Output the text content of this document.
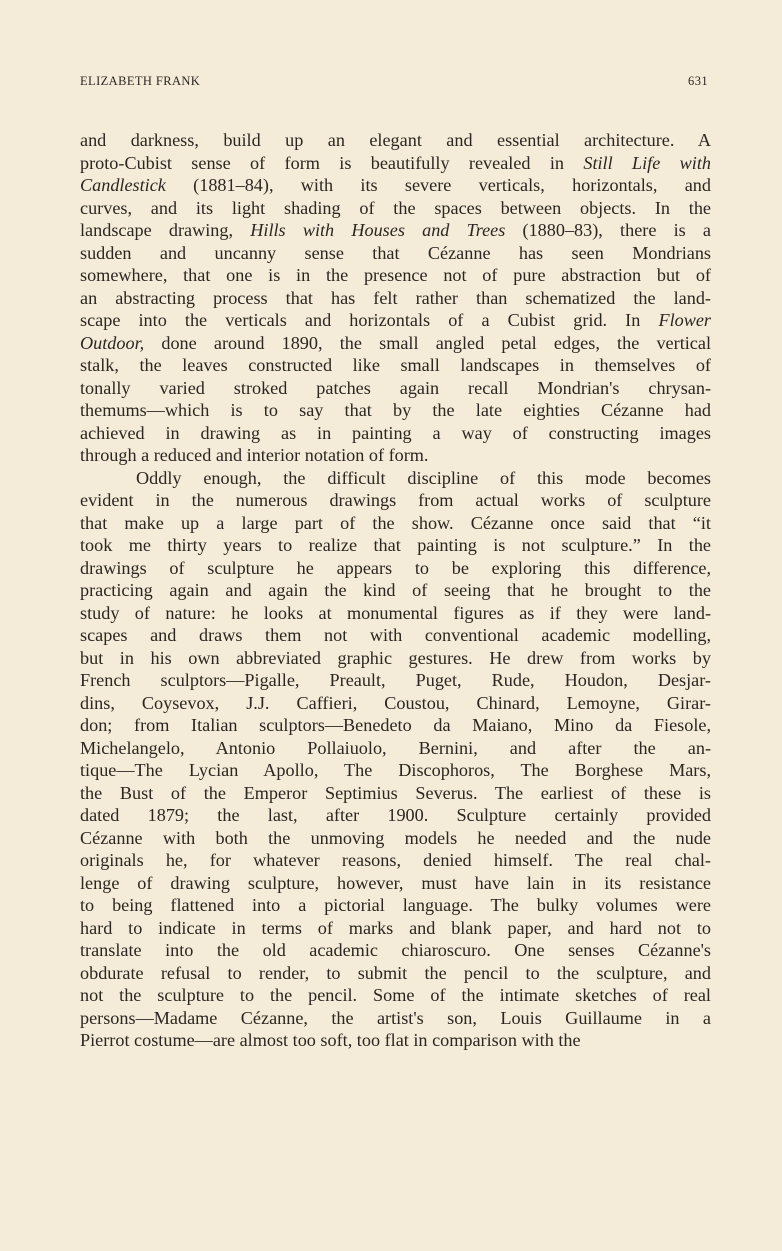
ELIZABETH FRANK	631
and darkness, build up an elegant and essential architecture. A
proto-Cubist sense of form is beautifully revealed in Still Life with
Candlestick (1881–84), with its severe verticals, horizontals, and
curves, and its light shading of the spaces between objects. In the
landscape drawing, Hills with Houses and Trees (1880–83), there is a
sudden and uncanny sense that Cézanne has seen Mondrians
somewhere, that one is in the presence not of pure abstraction but of
an abstracting process that has felt rather than schematized the land-
scape into the verticals and horizontals of a Cubist grid. In Flower
Outdoor, done around 1890, the small angled petal edges, the vertical
stalk, the leaves constructed like small landscapes in themselves of
tonally varied stroked patches again recall Mondrian's chrysan-
themums—which is to say that by the late eighties Cézanne had
achieved in drawing as in painting a way of constructing images
through a reduced and interior notation of form.
Oddly enough, the difficult discipline of this mode becomes
evident in the numerous drawings from actual works of sculpture
that make up a large part of the show. Cézanne once said that “it
took me thirty years to realize that painting is not sculpture.” In the
drawings of sculpture he appears to be exploring this difference,
practicing again and again the kind of seeing that he brought to the
study of nature: he looks at monumental figures as if they were land-
scapes and draws them not with conventional academic modelling,
but in his own abbreviated graphic gestures. He drew from works by
French sculptors—Pigalle, Preault, Puget, Rude, Houdon, Desjar-
dins, Coysevox, J.J. Caffieri, Coustou, Chinard, Lemoyne, Girar-
don; from Italian sculptors—Benedeto da Maiano, Mino da Fiesole,
Michelangelo, Antonio Pollaiuolo, Bernini, and after the an-
tique—The Lycian Apollo, The Discophoros, The Borghese Mars,
the Bust of the Emperor Septimius Severus. The earliest of these is
dated 1879; the last, after 1900. Sculpture certainly provided
Cézanne with both the unmoving models he needed and the nude
originals he, for whatever reasons, denied himself. The real chal-
lenge of drawing sculpture, however, must have lain in its resistance
to being flattened into a pictorial language. The bulky volumes were
hard to indicate in terms of marks and blank paper, and hard not to
translate into the old academic chiaroscuro. One senses Cézanne's
obdurate refusal to render, to submit the pencil to the sculpture, and
not the sculpture to the pencil. Some of the intimate sketches of real
persons—Madame Cézanne, the artist's son, Louis Guillaume in a
Pierrot costume—are almost too soft, too flat in comparison with the
